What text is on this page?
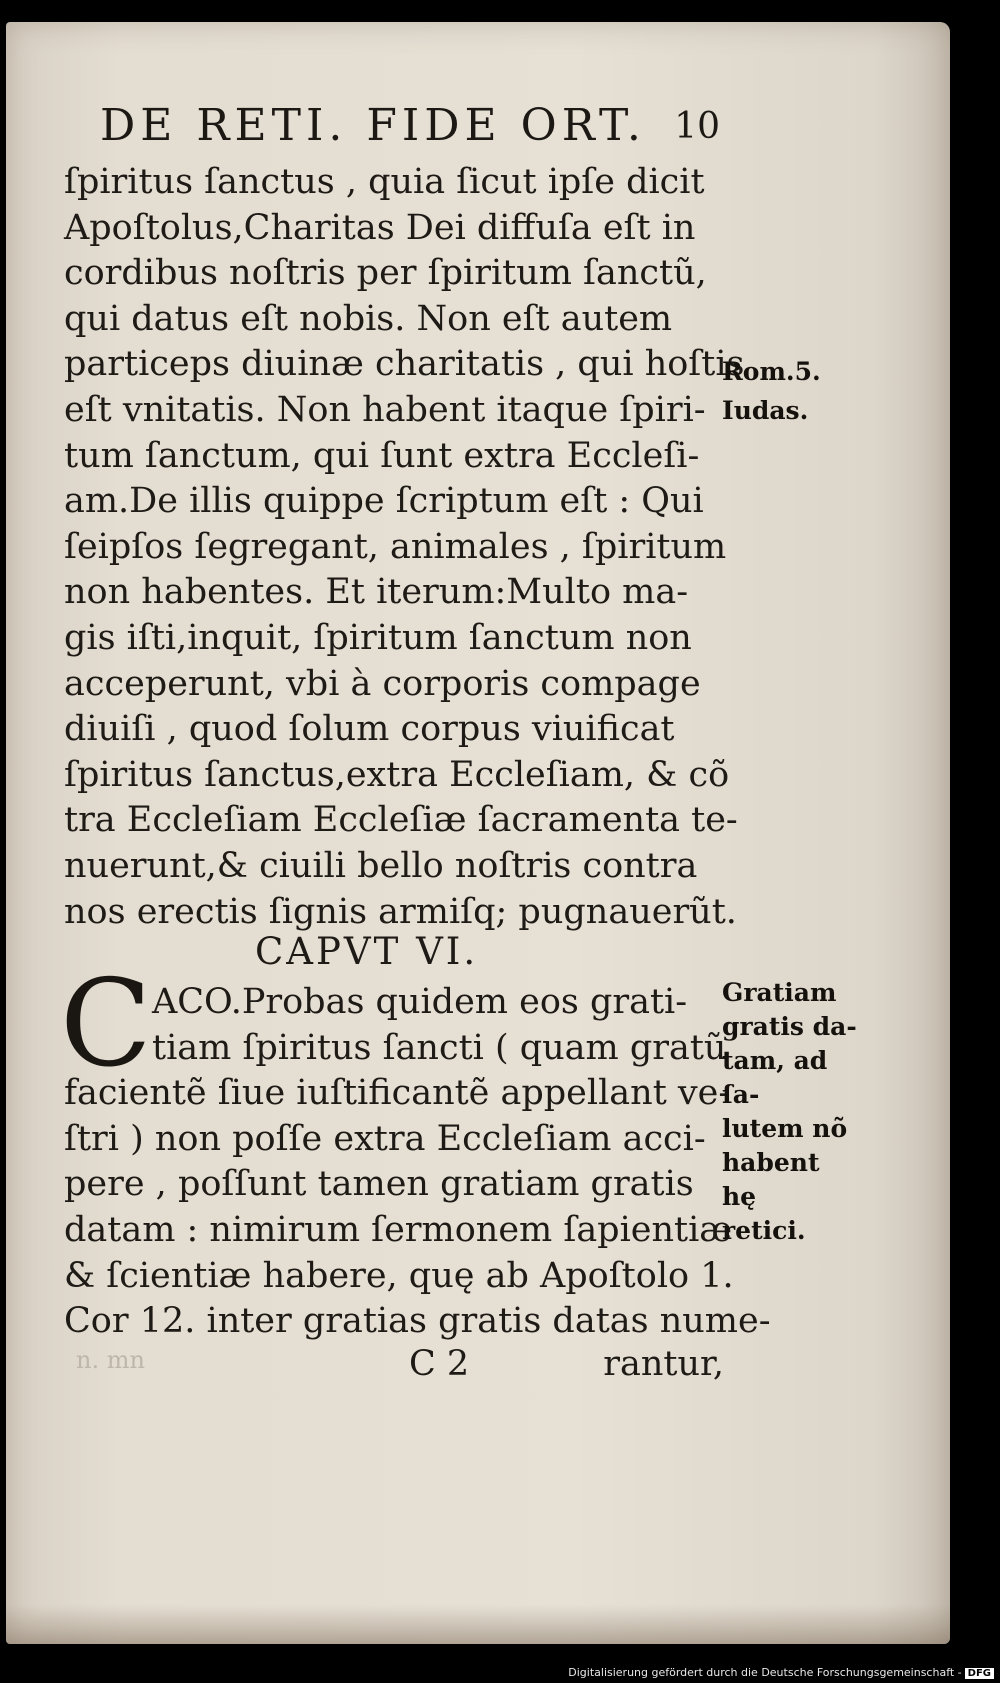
DE RETI. FIDE ORT. 10
ſpiritus ſanctus , quia ſicut ipſe dicit
Apoſtolus,Charitas Dei diffuſa eſt in
cordibus noſtris per ſpiritum ſanctũ,
qui datus eſt nobis. Non eſt autem
particeps diuinæ charitatis , qui hoſtis
eſt vnitatis. Non habent itaque ſpiri-
tum ſanctum, qui ſunt extra Eccleſi-
am.De illis quippe ſcriptum eſt : Qui
ſeipſos ſegregant, animales , ſpiritum
non habentes. Et iterum:Multo ma-
gis iſti,inquit, ſpiritum ſanctum non
acceperunt, vbi à corporis compage
diuiſi , quod ſolum corpus viuificat
ſpiritus ſanctus,extra Eccleſiam, & cõ
tra Eccleſiam Eccleſiæ ſacramenta te-
nuerunt,& ciuili bello noſtris contra
nos erectis ſignis armiſq; pugnauerũt.
CAPVT VI.
C ACO.Probas quidem eos grati-
tiam ſpiritus ſancti ( quam gratũ
facientẽ ſiue iuſtificantẽ appellant ve-
ſtri ) non poſſe extra Eccleſiam acci-
pere , poſſunt tamen gratiam gratis
datam : nimirum ſermonem ſapientiæ
& ſcientiæ habere, quę ab Apoſtolo 1.
Cor 12. inter gratias gratis datas nume-
n. mn	C 2	rantur,
Rom.5.
Iudas.
Gratiam
gratis da-
tam, ad ſa-
lutem nõ
habent hę
retici.
Digitalisierung gefördert durch die Deutsche Forschungsgemeinschaft - DFG
